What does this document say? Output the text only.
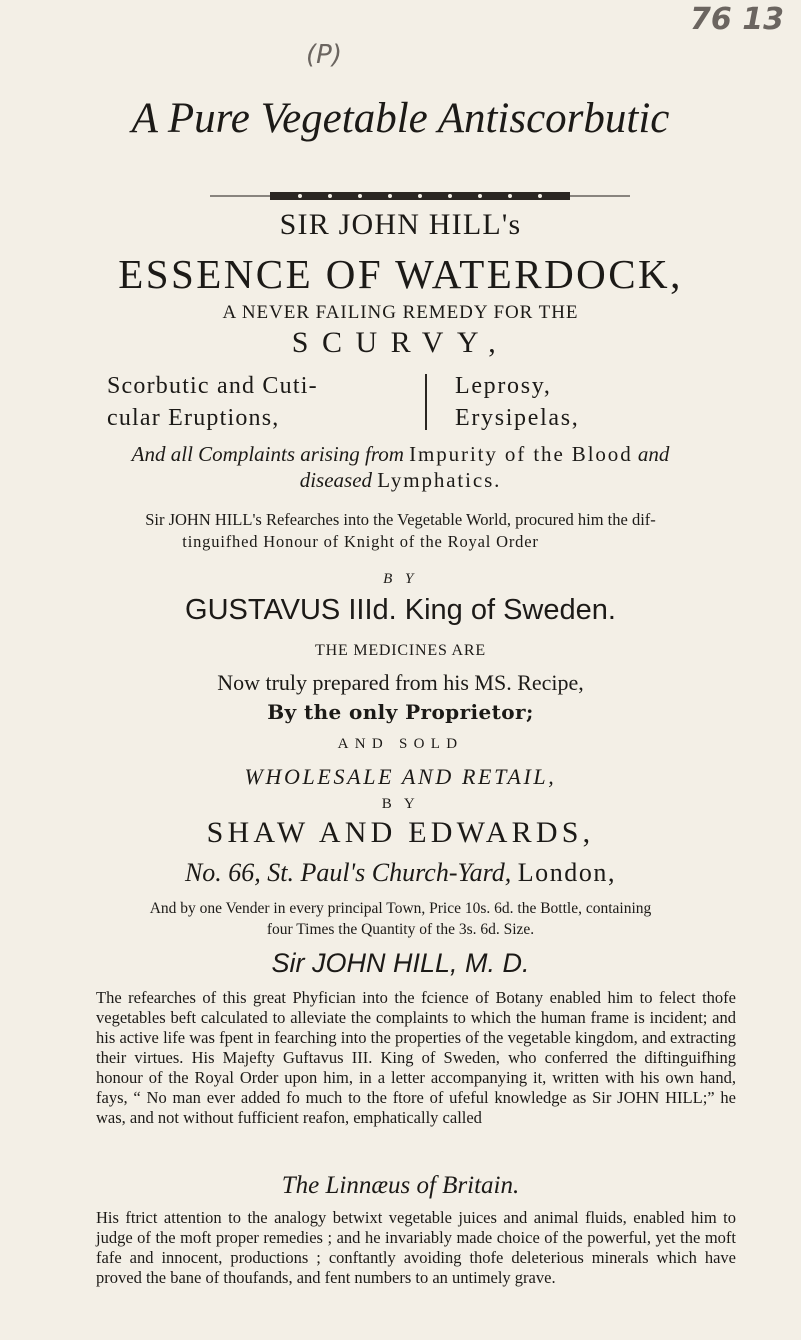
(P)
76 13
A Pure Vegetable Antiscorbutic
SIR JOHN HILL's
ESSENCE OF WATERDOCK,
A NEVER FAILING REMEDY FOR THE
SCURVY,
Scorbutic and Cuti-
cular Eruptions,
Leprosy,
Erysipelas,
And all Complaints arising from Impurity of the Blood and
diseased Lymphatics.
Sir JOHN HILL's Refearches into the Vegetable World, procured him the dif-
tinguifhed Honour of Knight of the Royal Order
B Y
GUSTAVUS IIId. King of Sweden.
THE MEDICINES ARE
Now truly prepared from his MS. Recipe,
By the only Proprietor;
AND SOLD
WHOLESALE AND RETAIL,
B Y
SHAW AND EDWARDS,
No. 66, St. Paul's Church-Yard, London,
And by one Vender in every principal Town, Price 10s. 6d. the Bottle, containing
four Times the Quantity of the 3s. 6d. Size.
Sir JOHN HILL, M. D.
The refearches of this great Phyfician into the fcience of Botany enabled him to felect thofe vegetables beft calculated to alleviate the complaints to which the human frame is incident; and his active life was fpent in fearching into the properties of the vegetable kingdom, and extracting their virtues. His Majefty Guftavus III. King of Sweden, who conferred the diftinguifhing honour of the Royal Order upon him, in a letter accompanying it, written with his own hand, fays, “ No man ever added fo much to the ftore of ufeful knowledge as Sir JOHN HILL;” he was, and not without fufficient reafon, emphatically called
The Linnæus of Britain.
His ftrict attention to the analogy betwixt vegetable juices and animal fluids, enabled him to judge of the moft proper remedies ; and he invariably made choice of the powerful, yet the moft fafe and innocent, productions ; conftantly avoiding thofe deleterious minerals which have proved the bane of thoufands, and fent numbers to an untimely grave.
